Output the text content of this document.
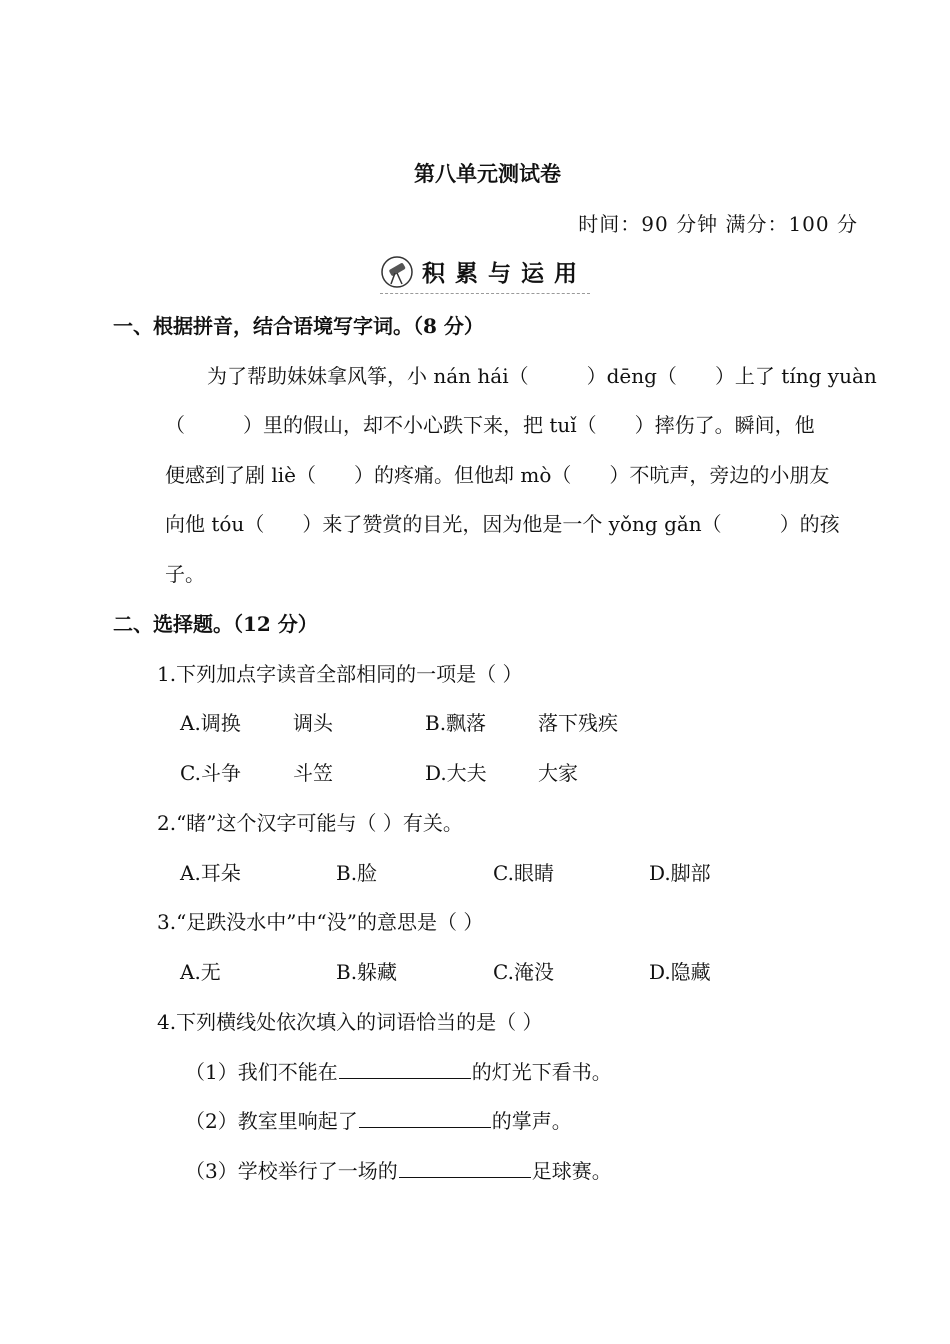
第八单元测试卷
时间：90 分钟 满分：100 分
积累与运用
一、根据拼音，结合语境写字词。（8 分）
为了帮助妹妹拿风筝，小 nán hái（	）dēng（ ）上了 tíng yuàn
（	）里的假山，却不小心跌下来，把 tuǐ（ ）摔伤了。瞬间，他
便感到了剧 liè（ ）的疼痛。但他却 mò（ ）不吭声，旁边的小朋友
向他 tóu（ ）来了赞赏的目光，因为他是一个 yǒng gǎn（	）的孩
子。
二、选择题。（12 分）
1.下列加点字读音全部相同的一项是（ ）
A.调换	调头	B.飘落	落下残疾
C.斗争	斗笠	D.大夫	大家
2.“睹”这个汉字可能与（ ）有关。
A.耳朵	B.脸	C.眼睛	D.脚部
3.“足跌没水中”中“没”的意思是（ ）
A.无	B.躲藏	C.淹没	D.隐藏
4.下列横线处依次填入的词语恰当的是（ ）
（1）我们不能在	的灯光下看书。
（2）教室里响起了	的掌声。
（3）学校举行了一场的	足球赛。
